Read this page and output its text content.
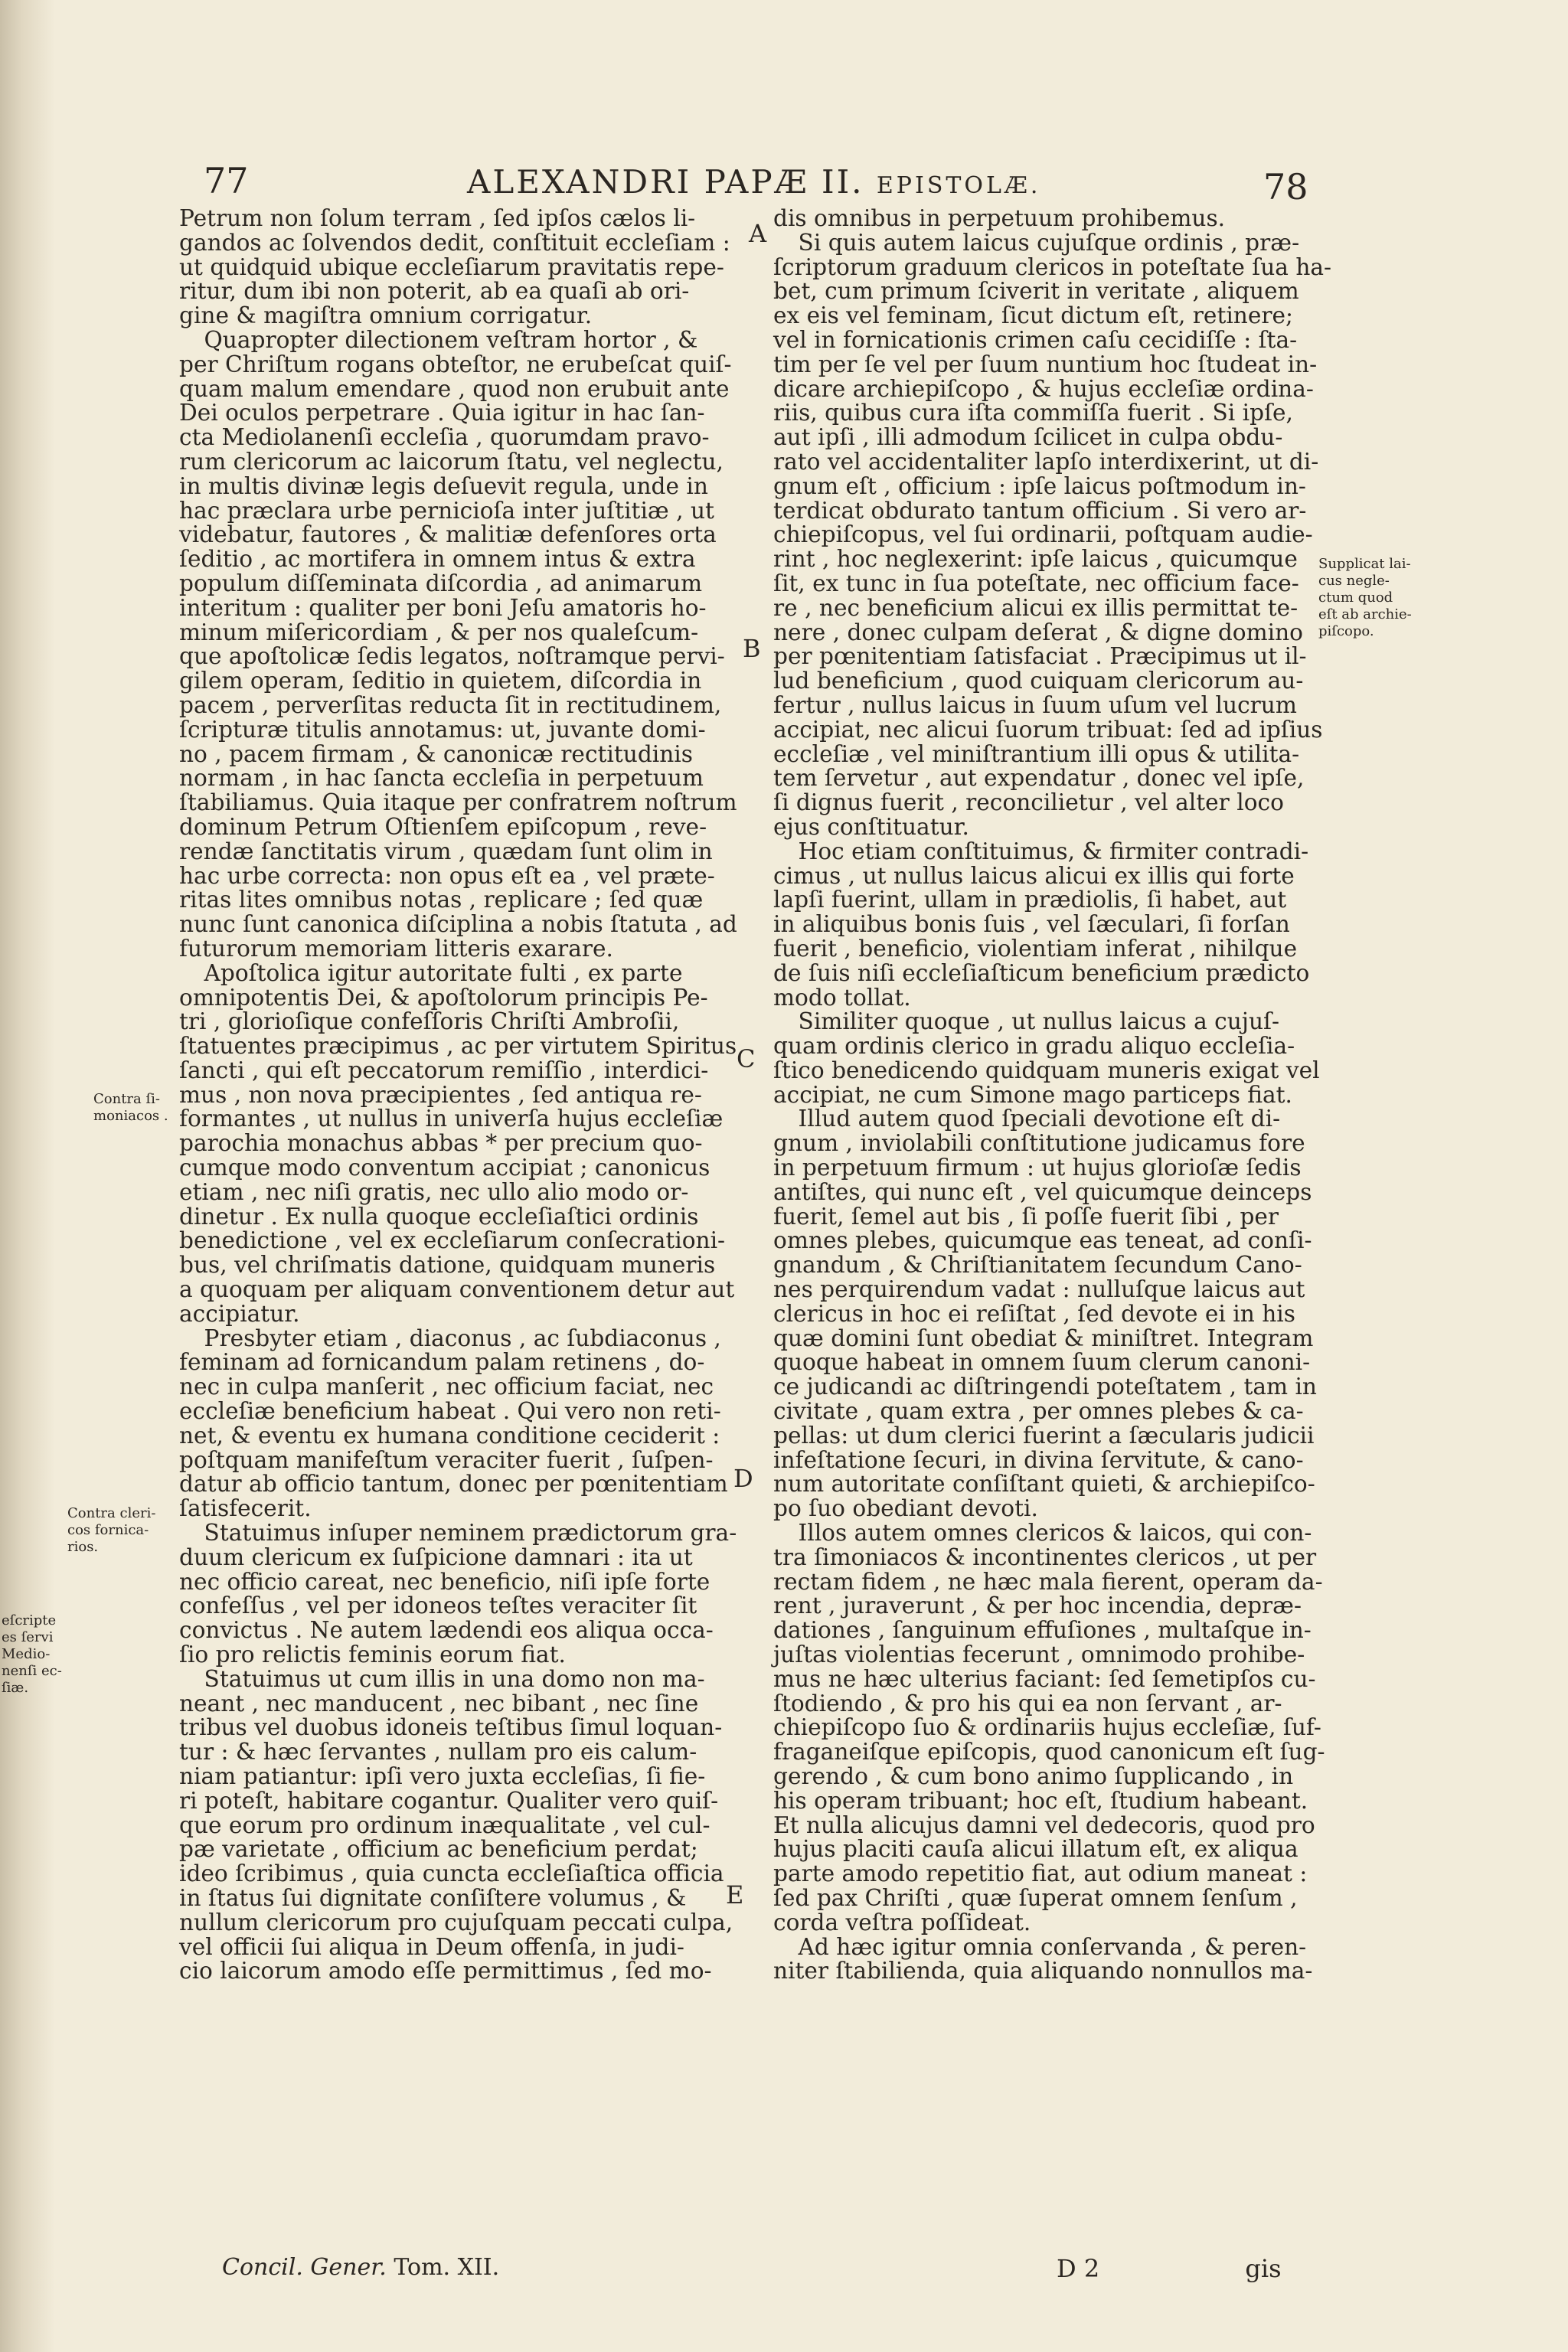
77	ALEXANDRI PAPÆ II. EPISTOLÆ.	78
Petrum non ſolum terram , ſed ipſos cælos li-
gandos ac ſolvendos dedit, conſtituit eccleſiam :
ut quidquid ubique eccleſiarum pravitatis repe-
ritur, dum ibi non poterit, ab ea quaſi ab ori-
gine & magiſtra omnium corrigatur.
Quapropter dilectionem veſtram hortor , &
per Chriſtum rogans obteſtor, ne erubeſcat quiſ-
quam malum emendare , quod non erubuit ante
Dei oculos perpetrare . Quia igitur in hac ſan-
cta Mediolanenſi eccleſia , quorumdam pravo-
rum clericorum ac laicorum ſtatu, vel neglectu,
in multis divinæ legis deſuevit regula, unde in
hac præclara urbe pernicioſa inter juſtitiæ , ut
videbatur, fautores , & malitiæ defenſores orta
ſeditio , ac mortifera in omnem intus & extra
populum diſſeminata diſcordia , ad animarum
interitum : qualiter per boni Jeſu amatoris ho-
minum miſericordiam , & per nos qualeſcum-
que apoſtolicæ ſedis legatos, noſtramque pervi-
gilem operam, ſeditio in quietem, diſcordia in
pacem , perverſitas reducta ſit in rectitudinem,
ſcripturæ titulis annotamus: ut, juvante domi-
no , pacem firmam , & canonicæ rectitudinis
normam , in hac ſancta eccleſia in perpetuum
ſtabiliamus. Quia itaque per confratrem noſtrum
dominum Petrum Oſtienſem epiſcopum , reve-
rendæ ſanctitatis virum , quædam ſunt olim in
hac urbe correcta: non opus eſt ea , vel præte-
ritas lites omnibus notas , replicare ; ſed quæ
nunc ſunt canonica diſciplina a nobis ſtatuta , ad
futurorum memoriam litteris exarare.
Apoſtolica igitur autoritate fulti , ex parte
omnipotentis Dei, & apoſtolorum principis Pe-
tri , glorioſique confeſſoris Chriſti Ambroſii,
ſtatuentes præcipimus , ac per virtutem Spiritus
ſancti , qui eſt peccatorum remiſſio , interdici-
mus , non nova præcipientes , ſed antiqua re-
formantes , ut nullus in univerſa hujus eccleſiæ
parochia monachus abbas * per precium quo-
cumque modo conventum accipiat ; canonicus
etiam , nec niſi gratis, nec ullo alio modo or-
dinetur . Ex nulla quoque eccleſiaſtici ordinis
benedictione , vel ex eccleſiarum conſecrationi-
bus, vel chriſmatis datione, quidquam muneris
a quoquam per aliquam conventionem detur aut
accipiatur.
Presbyter etiam , diaconus , ac ſubdiaconus ,
feminam ad fornicandum palam retinens , do-
nec in culpa manſerit , nec officium faciat, nec
eccleſiæ beneficium habeat . Qui vero non reti-
net, & eventu ex humana conditione ceciderit :
poſtquam manifeſtum veraciter fuerit , ſuſpen-
datur ab officio tantum, donec per pœnitentiam
ſatisfecerit.
Statuimus inſuper neminem prædictorum gra-
duum clericum ex ſuſpicione damnari : ita ut
nec officio careat, nec beneficio, niſi ipſe forte
confeſſus , vel per idoneos teſtes veraciter ſit
convictus . Ne autem lædendi eos aliqua occa-
ſio pro relictis feminis eorum fiat.
Statuimus ut cum illis in una domo non ma-
neant , nec manducent , nec bibant , nec ſine
tribus vel duobus idoneis teſtibus ſimul loquan-
tur : & hæc ſervantes , nullam pro eis calum-
niam patiantur: ipſi vero juxta eccleſias, ſi fie-
ri poteſt, habitare cogantur. Qualiter vero quiſ-
que eorum pro ordinum inæqualitate , vel cul-
pæ varietate , officium ac beneficium perdat;
ideo ſcribimus , quia cuncta eccleſiaſtica officia
in ſtatus ſui dignitate conſiſtere volumus , &
nullum clericorum pro cujuſquam peccati culpa,
vel officii ſui aliqua in Deum offenſa, in judi-
cio laicorum amodo eſſe permittimus , ſed mo-
dis omnibus in perpetuum prohibemus.
Si quis autem laicus cujuſque ordinis , præ-
ſcriptorum graduum clericos in poteſtate ſua ha-
bet, cum primum ſciverit in veritate , aliquem
ex eis vel feminam, ſicut dictum eſt, retinere;
vel in fornicationis crimen caſu cecidiſſe : ſta-
tim per ſe vel per ſuum nuntium hoc ſtudeat in-
dicare archiepiſcopo , & hujus eccleſiæ ordina-
riis, quibus cura iſta commiſſa fuerit . Si ipſe,
aut ipſi , illi admodum ſcilicet in culpa obdu-
rato vel accidentaliter lapſo interdixerint, ut di-
gnum eſt , officium : ipſe laicus poſtmodum in-
terdicat obdurato tantum officium . Si vero ar-
chiepiſcopus, vel ſui ordinarii, poſtquam audie-
rint , hoc neglexerint: ipſe laicus , quicumque
ſit, ex tunc in ſua poteſtate, nec officium face-
re , nec beneficium alicui ex illis permittat te-
nere , donec culpam deſerat , & digne domino
per pœnitentiam ſatisfaciat . Præcipimus ut il-
lud beneficium , quod cuiquam clericorum au-
fertur , nullus laicus in ſuum uſum vel lucrum
accipiat, nec alicui ſuorum tribuat: ſed ad ipſius
eccleſiæ , vel miniſtrantium illi opus & utilita-
tem ſervetur , aut expendatur , donec vel ipſe,
ſi dignus fuerit , reconcilietur , vel alter loco
ejus conſtituatur.
Hoc etiam conſtituimus, & firmiter contradi-
cimus , ut nullus laicus alicui ex illis qui forte
lapſi fuerint, ullam in prædiolis, ſi habet, aut
in aliquibus bonis ſuis , vel ſæculari, ſi forſan
fuerit , beneficio, violentiam inferat , nihilque
de ſuis niſi eccleſiaſticum beneficium prædicto
modo tollat.
Similiter quoque , ut nullus laicus a cujuſ-
quam ordinis clerico in gradu aliquo eccleſia-
ſtico benedicendo quidquam muneris exigat vel
accipiat, ne cum Simone mago particeps fiat.
Illud autem quod ſpeciali devotione eſt di-
gnum , inviolabili conſtitutione judicamus fore
in perpetuum firmum : ut hujus glorioſæ ſedis
antiſtes, qui nunc eſt , vel quicumque deinceps
fuerit, ſemel aut bis , ſi poſſe fuerit ſibi , per
omnes plebes, quicumque eas teneat, ad conſi-
gnandum , & Chriſtianitatem ſecundum Cano-
nes perquirendum vadat : nulluſque laicus aut
clericus in hoc ei reſiſtat , ſed devote ei in his
quæ domini ſunt obediat & miniſtret. Integram
quoque habeat in omnem ſuum clerum canoni-
ce judicandi ac diſtringendi poteſtatem , tam in
civitate , quam extra , per omnes plebes & ca-
pellas: ut dum clerici fuerint a ſæcularis judicii
infeſtatione ſecuri, in divina ſervitute, & cano-
num autoritate conſiſtant quieti, & archiepiſco-
po ſuo obediant devoti.
Illos autem omnes clericos & laicos, qui con-
tra ſimoniacos & incontinentes clericos , ut per
rectam fidem , ne hæc mala fierent, operam da-
rent , juraverunt , & per hoc incendia, depræ-
dationes , ſanguinum effuſiones , multaſque in-
juſtas violentias fecerunt , omnimodo prohibe-
mus ne hæc ulterius faciant: ſed ſemetipſos cu-
ſtodiendo , & pro his qui ea non ſervant , ar-
chiepiſcopo ſuo & ordinariis hujus eccleſiæ, ſuf-
fraganeiſque epiſcopis, quod canonicum eſt ſug-
gerendo , & cum bono animo ſupplicando , in
his operam tribuant; hoc eſt, ſtudium habeant.
Et nulla alicujus damni vel dedecoris, quod pro
hujus placiti cauſa alicui illatum eſt, ex aliqua
parte amodo repetitio fiat, aut odium maneat :
ſed pax Chriſti , quæ ſuperat omnem ſenſum ,
corda veſtra poſſideat.
Ad hæc igitur omnia conſervanda , & peren-
niter ſtabilienda, quia aliquando nonnullos ma-
Contra ſi-
moniacos .
Contra cleri-
cos fornica-
rios.
Supplicat lai-
cus negle-
ctum quod
eſt ab archie-
piſcopo.
eſcripte
es ſervi
Medio-
nenſi ec-
ſiæ.
A
B
C
D
E
Concil. Gener. Tom. XII.	D 2	gis
